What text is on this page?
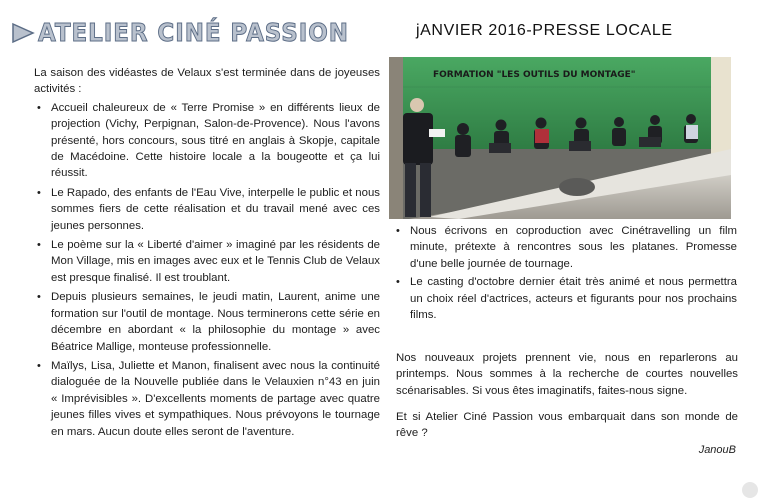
ATELIER CINÉ PASSION	jANVIER 2016-PRESSE LOCALE

La saison des vidéastes de Velaux s'est terminée dans de joyeuses activités :

• Accueil chaleureux de « Terre Promise » en différents lieux de projection (Vichy, Perpignan, Salon-de-Provence). Nous l'avons présenté, hors concours, sous titré en anglais à Skopje, capitale de Macédoine. Cette histoire locale a la bougeotte et ça lui réussit.
• Le Rapado, des enfants de l'Eau Vive, interpelle le public et nous sommes fiers de cette réalisation et du travail mené avec ces jeunes personnes.
• Le poème sur la « Liberté d'aimer » imaginé par les résidents de Mon Village, mis en images avec eux et le Tennis Club de Velaux est presque finalisé. Il est troublant.
• Depuis plusieurs semaines, le jeudi matin, Laurent, anime une formation sur l'outil de montage. Nous terminerons cette série en décembre en abordant « la philosophie du montage » avec Béatrice Mallige, monteuse professionnelle.
• Maïlys, Lisa, Juliette et Manon, finalisent avec nous la continuité dialoguée de la Nouvelle publiée dans le Velauxien n°43 en juin « Imprévisibles ». D'excellents moments de partage avec quatre jeunes filles vives et sympathiques. Nous prévoyons le tournage en mars. Aucun doute elles seront de l'aventure.
FORMATION "LES OUTILS DU MONTAGE"
• Nous écrivons en coproduction avec Cinétravelling un film minute, prétexte à rencontres sous les platanes. Promesse d'une belle journée de tournage.
• Le casting d'octobre dernier était très animé et nous permettra un choix réel d'actrices, acteurs et figurants pour nos prochains films.

Nos nouveaux projets prennent vie, nous en reparlerons au printemps. Nous sommes à la recherche de courtes nouvelles scénarisables. Si vous êtes imaginatifs, faites-nous signe.

Et si Atelier Ciné Passion vous embarquait dans son monde de rêve ?

JanouB
